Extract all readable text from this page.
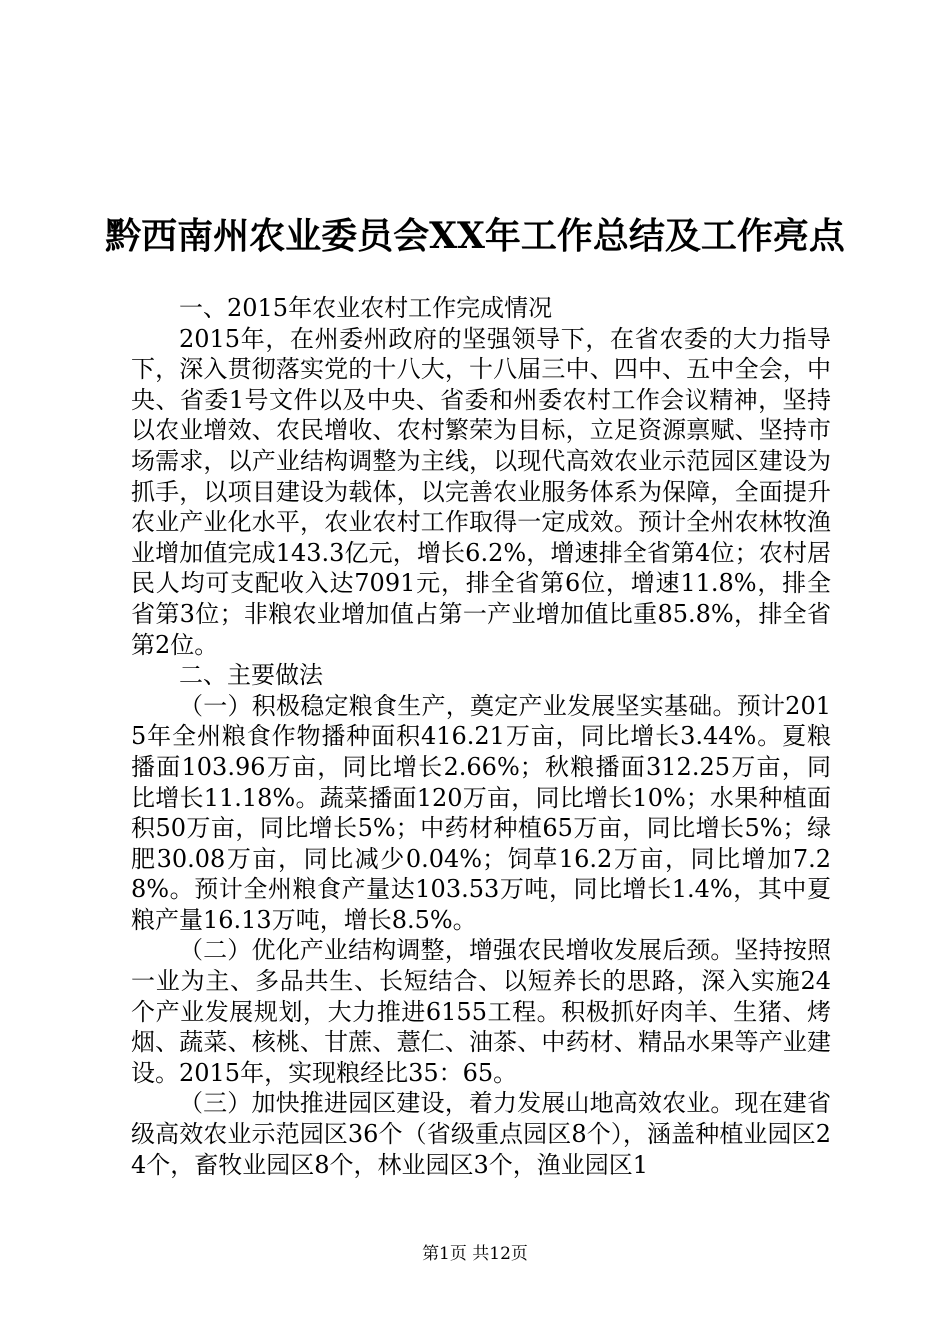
黔西南州农业委员会XX年工作总结及工作亮点

一、2015年农业农村工作完成情况

2015年，在州委州政府的坚强领导下，在省农委的大力指导下，深入贯彻落实党的十八大，十八届三中、四中、五中全会，中央、省委1号文件以及中央、省委和州委农村工作会议精神，坚持以农业增效、农民增收、农村繁荣为目标，立足资源禀赋、坚持市场需求，以产业结构调整为主线，以现代高效农业示范园区建设为抓手，以项目建设为载体，以完善农业服务体系为保障，全面提升农业产业化水平，农业农村工作取得一定成效。预计全州农林牧渔业增加值完成143.3亿元，增长6.2%，增速排全省第4位；农村居民人均可支配收入达7091元，排全省第6位，增速11.8%，排全省第3位；非粮农业增加值占第一产业增加值比重85.8%，排全省第2位。

二、主要做法

（一）积极稳定粮食生产，奠定产业发展坚实基础。预计2015年全州粮食作物播种面积416.21万亩，同比增长3.44%。夏粮播面103.96万亩，同比增长2.66%；秋粮播面312.25万亩，同比增长11.18%。蔬菜播面120万亩，同比增长10%；水果种植面积50万亩，同比增长5%；中药材种植65万亩，同比增长5%；绿肥30.08万亩，同比减少0.04%；饲草16.2万亩，同比增加7.28%。预计全州粮食产量达103.53万吨，同比增长1.4%，其中夏粮产量16.13万吨，增长8.5%。

（二）优化产业结构调整，增强农民增收发展后颈。坚持按照一业为主、多品共生、长短结合、以短养长的思路，深入实施24个产业发展规划，大力推进6155工程。积极抓好肉羊、生猪、烤烟、蔬菜、核桃、甘蔗、薏仁、油茶、中药材、精品水果等产业建设。2015年，实现粮经比35：65。

（三）加快推进园区建设，着力发展山地高效农业。现在建省级高效农业示范园区36个（省级重点园区8个），涵盖种植业园区24个，畜牧业园区8个，林业园区3个，渔业园区1

第1页 共12页
